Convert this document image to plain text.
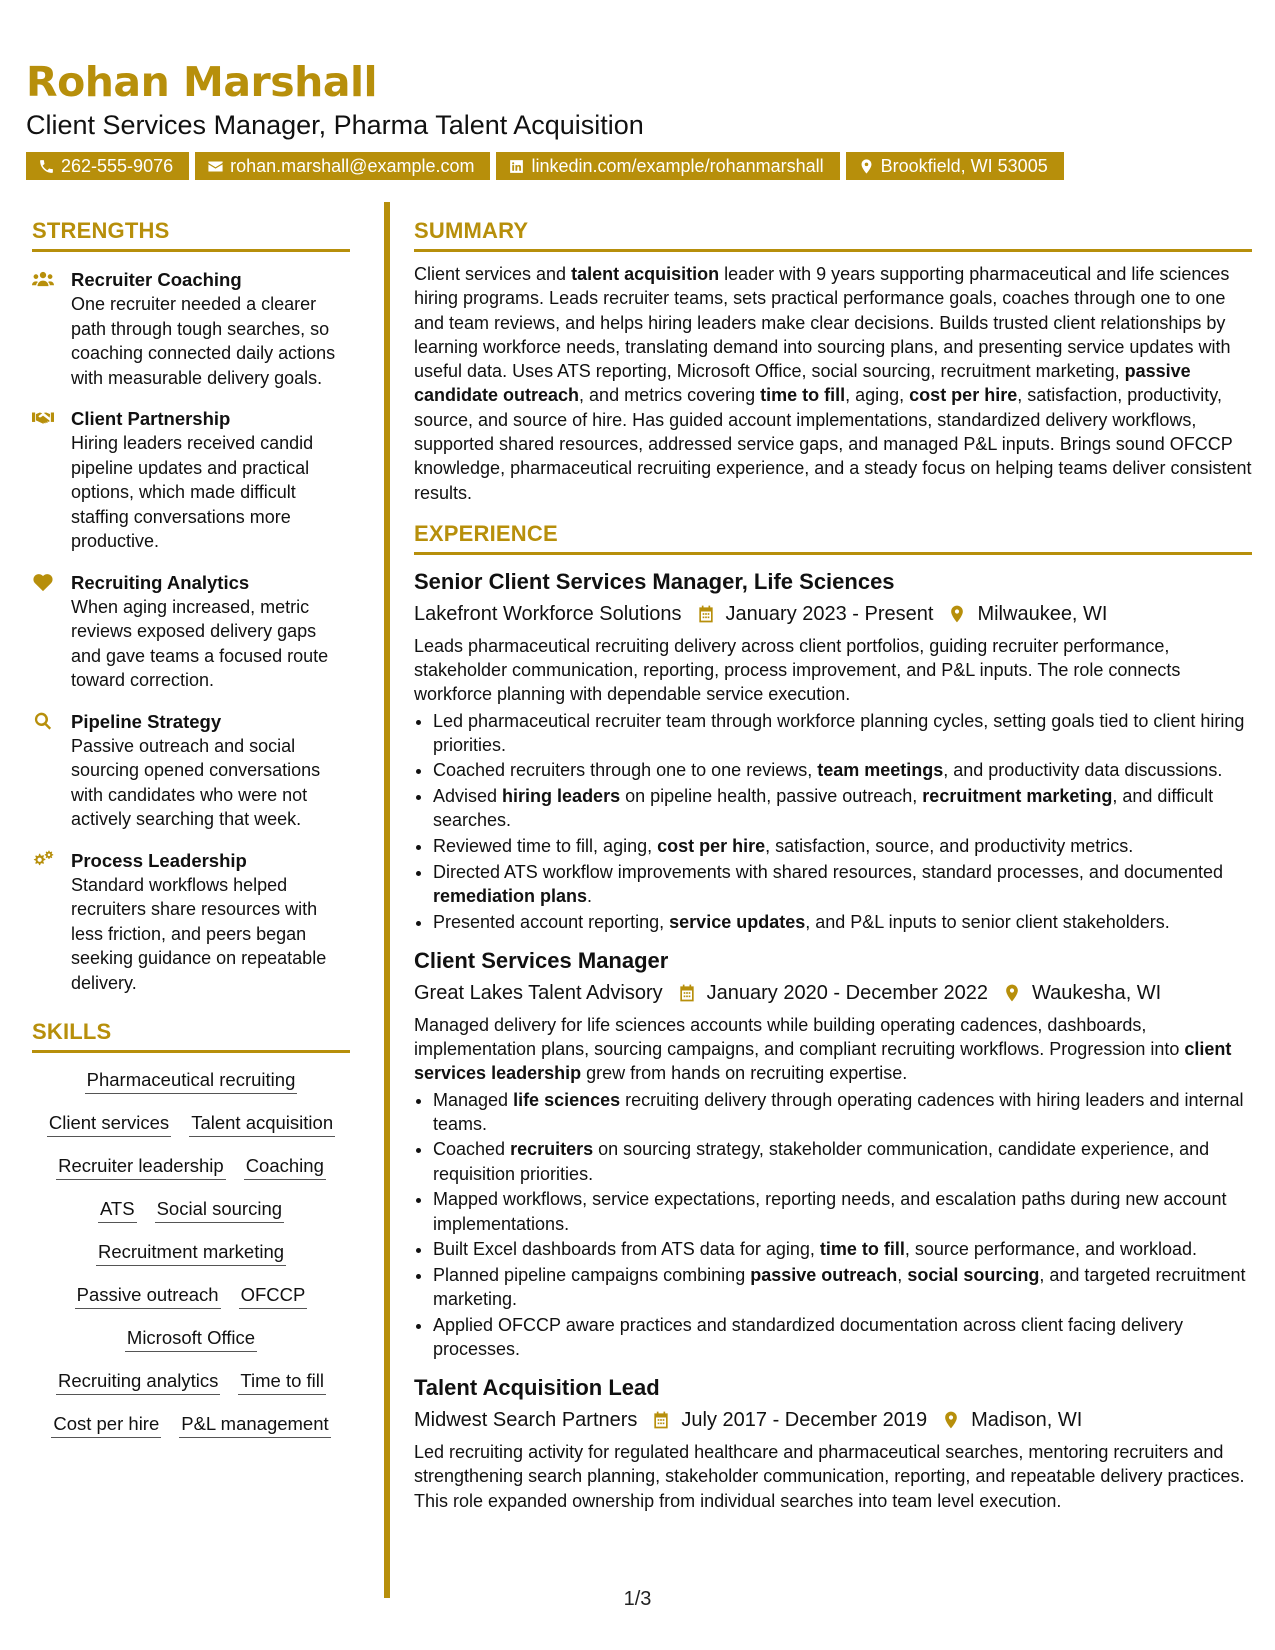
Rohan Marshall
Client Services Manager, Pharma Talent Acquisition
262-555-9076	rohan.marshall@example.com	linkedin.com/example/rohanmarshall	Brookfield, WI 53005
STRENGTHS
Recruiter Coaching
One recruiter needed a clearer path through tough searches, so coaching connected daily actions with measurable delivery goals.
Client Partnership
Hiring leaders received candid pipeline updates and practical options, which made difficult staffing conversations more productive.
Recruiting Analytics
When aging increased, metric reviews exposed delivery gaps and gave teams a focused route toward correction.
Pipeline Strategy
Passive outreach and social sourcing opened conversations with candidates who were not actively searching that week.
Process Leadership
Standard workflows helped recruiters share resources with less friction, and peers began seeking guidance on repeatable delivery.
SKILLS
Pharmaceutical recruiting
Client services Talent acquisition
Recruiter leadership Coaching
ATS Social sourcing
Recruitment marketing
Passive outreach OFCCP
Microsoft Office
Recruiting analytics Time to fill
Cost per hire P&L management
SUMMARY

Client services and talent acquisition leader with 9 years supporting pharmaceutical and life sciences hiring programs. Leads recruiter teams, sets practical performance goals, coaches through one to one and team reviews, and helps hiring leaders make clear decisions. Builds trusted client relationships by learning workforce needs, translating demand into sourcing plans, and presenting service updates with useful data. Uses ATS reporting, Microsoft Office, social sourcing, recruitment marketing, passive candidate outreach, and metrics covering time to fill, aging, cost per hire, satisfaction, productivity, source, and source of hire. Has guided account implementations, standardized delivery workflows, supported shared resources, addressed service gaps, and managed P&L inputs. Brings sound OFCCP knowledge, pharmaceutical recruiting experience, and a steady focus on helping teams deliver consistent results.

EXPERIENCE
Senior Client Services Manager, Life Sciences
Lakefront Workforce Solutions January 2023 - Present Milwaukee, WI

Leads pharmaceutical recruiting delivery across client portfolios, guiding recruiter performance, stakeholder communication, reporting, process improvement, and P&L inputs. The role connects workforce planning with dependable service execution.

• Led pharmaceutical recruiter team through workforce planning cycles, setting goals tied to client hiring priorities.
• Coached recruiters through one to one reviews, team meetings, and productivity data discussions.
• Advised hiring leaders on pipeline health, passive outreach, recruitment marketing, and difficult searches.
• Reviewed time to fill, aging, cost per hire, satisfaction, source, and productivity metrics.
• Directed ATS workflow improvements with shared resources, standard processes, and documented remediation plans.
• Presented account reporting, service updates, and P&L inputs to senior client stakeholders.
Client Services Manager
Great Lakes Talent Advisory January 2020 - December 2022 Waukesha, WI

Managed delivery for life sciences accounts while building operating cadences, dashboards, implementation plans, sourcing campaigns, and compliant recruiting workflows. Progression into client services leadership grew from hands on recruiting expertise.

• Managed life sciences recruiting delivery through operating cadences with hiring leaders and internal teams.
• Coached recruiters on sourcing strategy, stakeholder communication, candidate experience, and requisition priorities.
• Mapped workflows, service expectations, reporting needs, and escalation paths during new account implementations.
• Built Excel dashboards from ATS data for aging, time to fill, source performance, and workload.
• Planned pipeline campaigns combining passive outreach, social sourcing, and targeted recruitment marketing.
• Applied OFCCP aware practices and standardized documentation across client facing delivery processes.
Talent Acquisition Lead
Midwest Search Partners July 2017 - December 2019 Madison, WI

Led recruiting activity for regulated healthcare and pharmaceutical searches, mentoring recruiters and strengthening search planning, stakeholder communication, reporting, and repeatable delivery practices. This role expanded ownership from individual searches into team level execution.

1/3
